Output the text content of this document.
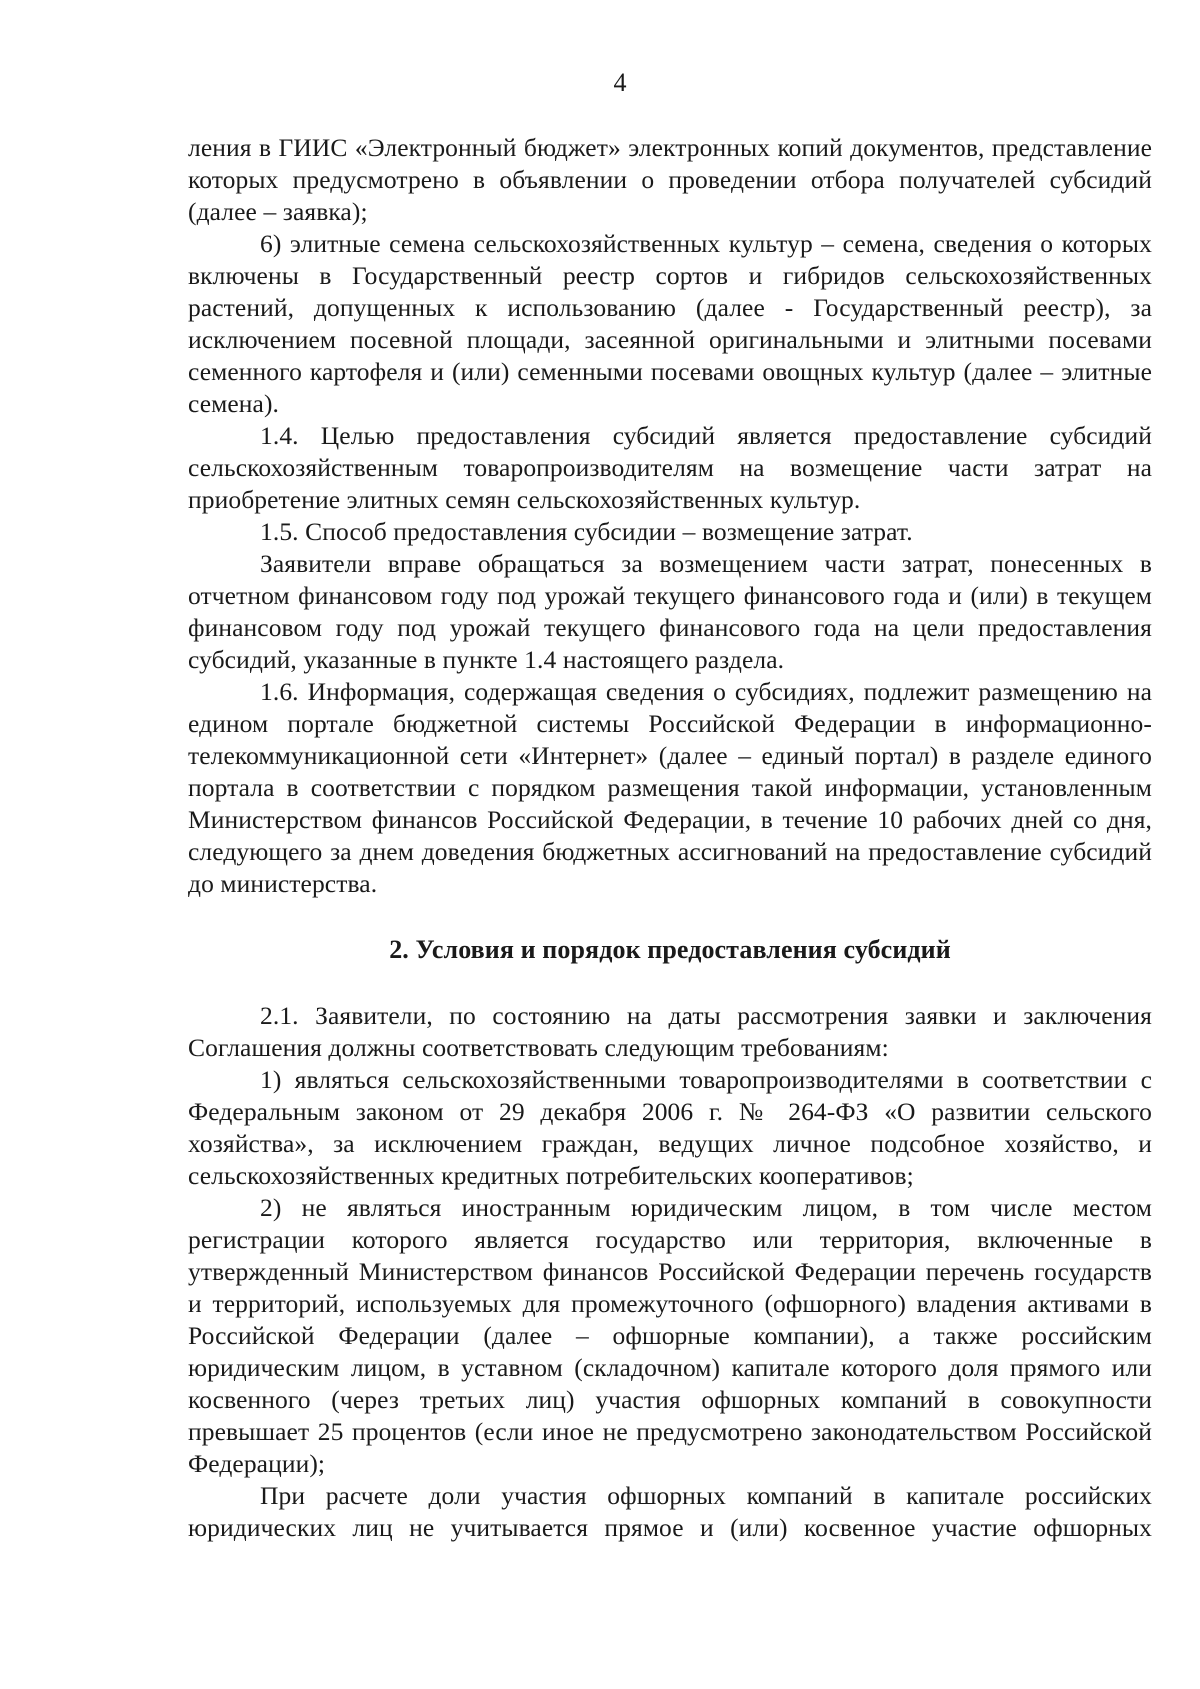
4

ления в ГИИС «Электронный бюджет» электронных копий документов, представление которых предусмотрено в объявлении о проведении отбора получателей субсидий (далее – заявка);

6) элитные семена сельскохозяйственных культур – семена, сведения о которых включены в Государственный реестр сортов и гибридов сельскохозяйственных растений, допущенных к использованию (далее - Государственный реестр), за исключением посевной площади, засеянной оригинальными и элитными посевами семенного картофеля и (или) семенными посевами овощных культур (далее – элитные семена).

1.4. Целью предоставления субсидий является предоставление субсидий сельскохозяйственным товаропроизводителям на возмещение части затрат на приобретение элитных семян сельскохозяйственных культур.

1.5. Способ предоставления субсидии – возмещение затрат.

Заявители вправе обращаться за возмещением части затрат, понесенных в отчетном финансовом году под урожай текущего финансового года и (или) в текущем финансовом году под урожай текущего финансового года на цели предоставления субсидий, указанные в пункте 1.4 настоящего раздела.

1.6. Информация, содержащая сведения о субсидиях, подлежит размещению на едином портале бюджетной системы Российской Федерации в информационно-телекоммуникационной сети «Интернет» (далее – единый портал) в разделе единого портала в соответствии с порядком размещения такой информации, установленным Министерством финансов Российской Федерации, в течение 10 рабочих дней со дня, следующего за днем доведения бюджетных ассигнований на предоставление субсидий до министерства.

2. Условия и порядок предоставления субсидий

2.1. Заявители, по состоянию на даты рассмотрения заявки и заключения Соглашения должны соответствовать следующим требованиям:

1) являться сельскохозяйственными товаропроизводителями в соответствии с Федеральным законом от 29 декабря 2006 г. № 264-ФЗ «О развитии сельского хозяйства», за исключением граждан, ведущих личное подсобное хозяйство, и сельскохозяйственных кредитных потребительских кооперативов;

2) не являться иностранным юридическим лицом, в том числе местом регистрации которого является государство или территория, включенные в утвержденный Министерством финансов Российской Федерации перечень государств и территорий, используемых для промежуточного (офшорного) владения активами в Российской Федерации (далее – офшорные компании), а также российским юридическим лицом, в уставном (складочном) капитале которого доля прямого или косвенного (через третьих лиц) участия офшорных компаний в совокупности превышает 25 процентов (если иное не предусмотрено законодательством Российской Федерации);

При расчете доли участия офшорных компаний в капитале российских юридических лиц не учитывается прямое и (или) косвенное участие офшорных
